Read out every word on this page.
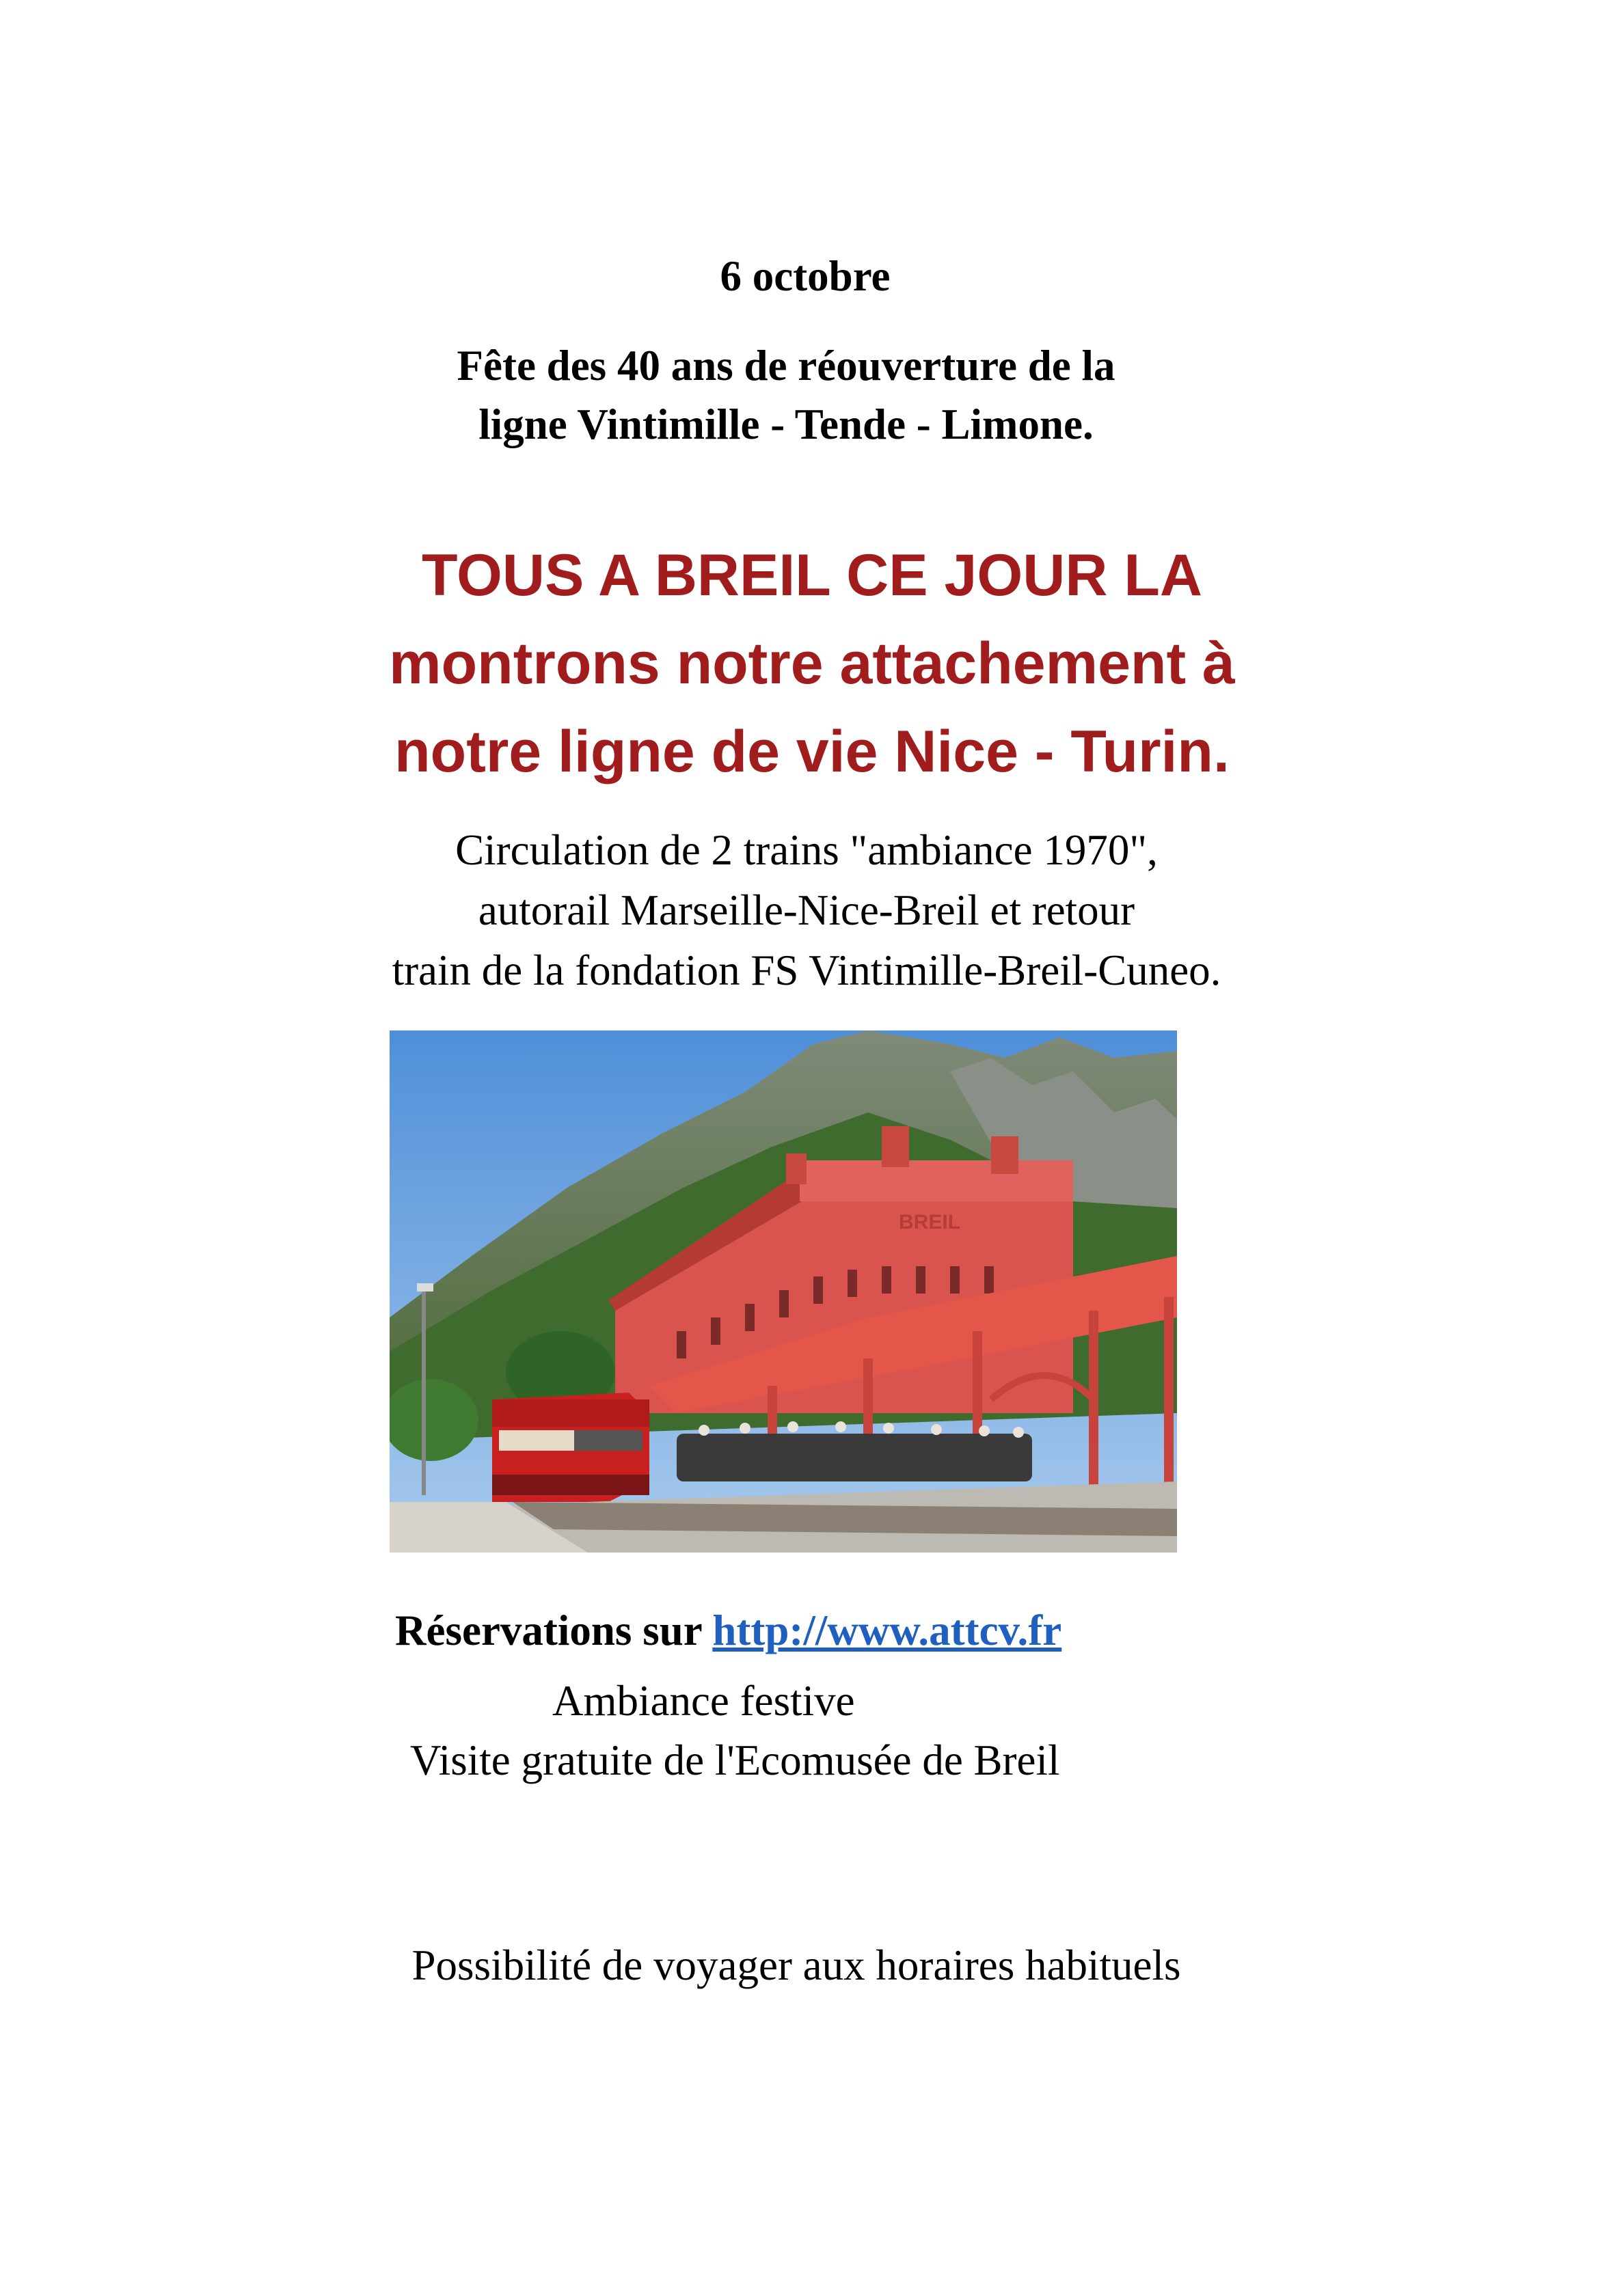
6 octobre
Fête des 40 ans de réouverture de la
ligne Vintimille - Tende - Limone.
TOUS A BREIL CE JOUR LA
montrons notre attachement à
notre ligne de vie Nice - Turin.
Circulation de 2 trains "ambiance 1970",
autorail Marseille-Nice-Breil et retour
train de la fondation FS Vintimille-Breil-Cuneo.
BREIL
Réservations sur http://www.attcv.fr
Ambiance festive
Visite gratuite de l'Ecomusée de Breil
Possibilité de voyager aux horaires habituels
